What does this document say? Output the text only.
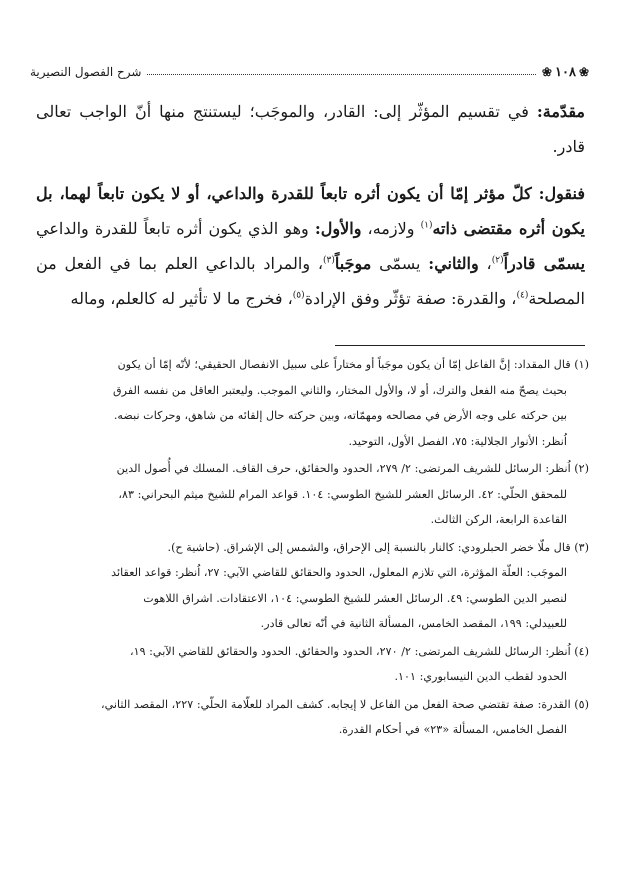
❀
١٠٨
❀
شرح الفصول النصيرية

مقدّمة: في تقسيم المؤثّر إلى: القادر، والموجَب؛ ليستنتج منها أنّ الواجب تعالى قادر.

فنقول: كلّ مؤثر إمّا أن يكون أثره تابعاً للقدرة والداعي، أو لا يكون تابعاً لهما، بل يكون أثره مقتضى ذاته$^{(١)}$ ولازمه، والأول: وهو الذي يكون أثره تابعاً للقدرة والداعي يسمّى قادراً$^{(٢)}$، والثاني: يسمّى موجَباً$^{(٣)}$، والمراد بالداعي العلم بما في الفعل من المصلحة$^{(٤)}$، والقدرة: صفة تؤثّر وفق الإرادة$^{(٥)}$، فخرج ما لا تأثير له كالعلم، وماله

(١) قال المقداد: إنَّ الفاعل إمّا أن يكون موجَباً أو مختاراً على سبيل الانفصال الحقيقي؛ لأنّه إمّا أن يكون
بحيث يصحّ منه الفعل والترك، أو لا، والأول المختار، والثاني الموجب. وليعتبر العاقل من نفسه الفرق
بين حركته على وجه الأرض في مصالحه ومهمّاته، وبين حركته حال إلقائه من شاهق، وحركات نبضه.
اُنظر: الأنوار الجلالية: ٧٥، الفصل الأول، التوحيد.
(٢) اُنظر: الرسائل للشريف المرتضى: ٢/ ٢٧٩، الحدود والحقائق، حرف القاف. المسلك في أُصول الدين
للمحقق الحلّي: ٤٢. الرسائل العشر للشيخ الطوسي: ١٠٤. قواعد المرام للشيخ ميثم البحراني: ٨٣،
القاعدة الرابعة، الركن الثالث.
(٣) قال ملّا خضر الحبلرودي: كالنار بالنسبة إلى الإحراق، والشمس إلى الإشراق. (حاشية ح).
الموجَب: العلّة المؤثرة، التي تلازم المعلول، الحدود والحقائق للقاضي الآبي: ٢٧، اُنظر: قواعد العقائد
لنصير الدين الطوسي: ٤٩. الرسائل العشر للشيخ الطوسي: ١٠٤، الاعتقادات. اشراق اللاهوت
للعبيدلي: ١٩٩، المقصد الخامس، المسألة الثانية في أنّه تعالى قادر.
(٤) اُنظر: الرسائل للشريف المرتضى: ٢/ ٢٧٠، الحدود والحقائق. الحدود والحقائق للقاضي الآبي: ١٩،
الحدود لقطب الدين النيسابوري: ١٠١.
(٥) القدرة: صفة تقتضي صحة الفعل من الفاعل لا إيجابه. كشف المراد للعلّامة الحلّي: ٢٢٧، المقصد الثاني،
الفصل الخامس، المسألة «٢٣» في أحكام القدرة.
